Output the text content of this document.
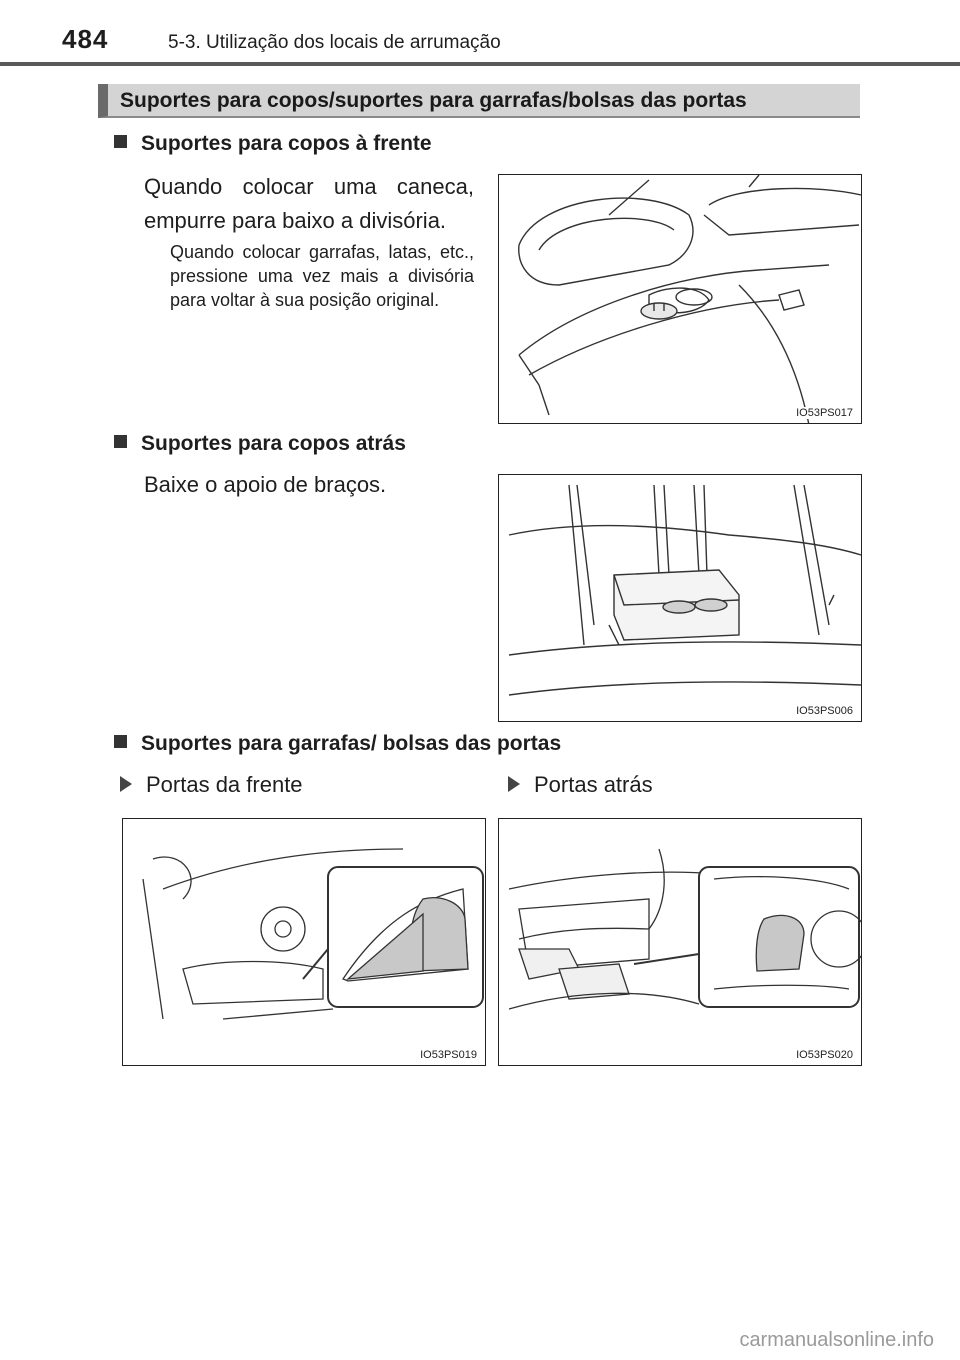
484	5-3. Utilização dos locais de arrumação
Suportes para copos/suportes para garrafas/bolsas das portas
Suportes para copos à frente
Quando colocar uma caneca, empurre para baixo a divisória.
Quando colocar garrafas, latas, etc., pressione uma vez mais a divisória para voltar à sua posição original.
IO53PS017
Suportes para copos atrás
Baixe o apoio de braços.
IO53PS006
Suportes para garrafas/ bolsas das portas
Portas da frente	Portas atrás
IO53PS019	IO53PS020
carmanualsonline.info
